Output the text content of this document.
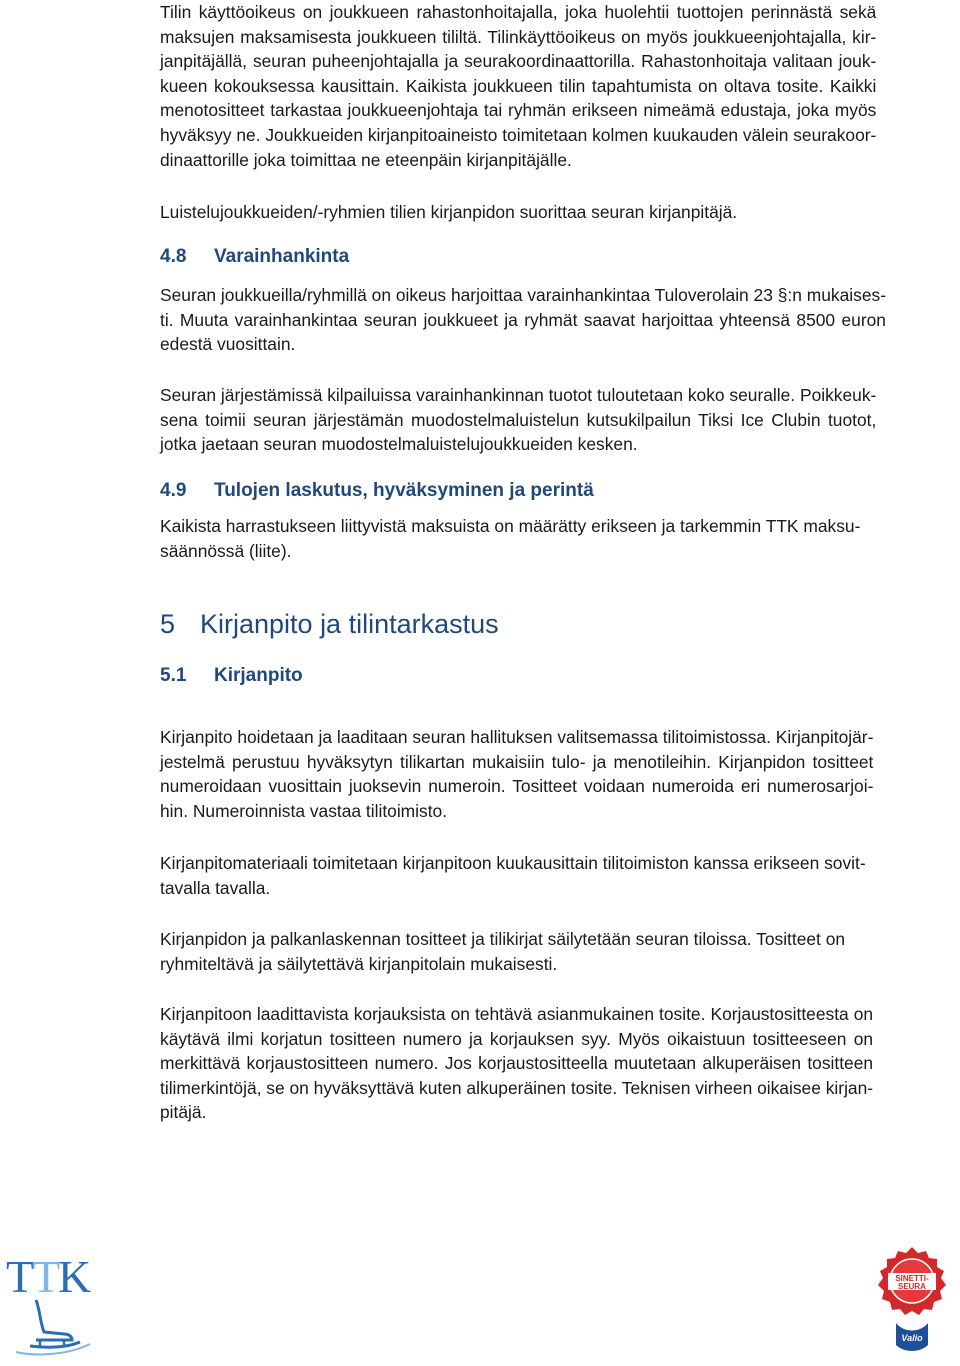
Tilin käyttöoikeus on joukkueen rahastonhoitajalla, joka huolehtii tuottojen perinnästä sekä
maksujen maksamisesta joukkueen tililtä. Tilinkäyttöoikeus on myös joukkueenjohtajalla, kir-
janpitäjällä, seuran puheenjohtajalla ja seurakoordinaattorilla. Rahastonhoitaja valitaan jouk-
kueen kokouksessa kausittain. Kaikista joukkueen tilin tapahtumista on oltava tosite. Kaikki
menotositteet tarkastaa joukkueenjohtaja tai ryhmän erikseen nimeämä edustaja, joka myös
hyväksyy ne. Joukkueiden kirjanpitoaineisto toimitetaan kolmen kuukauden välein seurakoor-
dinaattorille joka toimittaa ne eteenpäin kirjanpitäjälle.

Luistelujoukkueiden/-ryhmien tilien kirjanpidon suorittaa seuran kirjanpitäjä.

4.8 Varainhankinta

Seuran joukkueilla/ryhmillä on oikeus harjoittaa varainhankintaa Tuloverolain 23 §:n mukaises-
ti. Muuta varainhankintaa seuran joukkueet ja ryhmät saavat harjoittaa yhteensä 8500 euron
edestä vuosittain.

Seuran järjestämissä kilpailuissa varainhankinnan tuotot tuloutetaan koko seuralle. Poikkeuk-
sena toimii seuran järjestämän muodostelmaluistelun kutsukilpailun Tiksi Ice Clubin tuotot,
jotka jaetaan seuran muodostelmaluistelujoukkueiden kesken.

4.9 Tulojen laskutus, hyväksyminen ja perintä

Kaikista harrastukseen liittyvistä maksuista on määrätty erikseen ja tarkemmin TTK maksu-
säännössä (liite).

5 Kirjanpito ja tilintarkastus
5.1 Kirjanpito

Kirjanpito hoidetaan ja laaditaan seuran hallituksen valitsemassa tilitoimistossa. Kirjanpitojär-
jestelmä perustuu hyväksytyn tilikartan mukaisiin tulo- ja menotileihin. Kirjanpidon tositteet
numeroidaan vuosittain juoksevin numeroin. Tositteet voidaan numeroida eri numerosarjoi-
hin. Numeroinnista vastaa tilitoimisto.

Kirjanpitomateriaali toimitetaan kirjanpitoon kuukausittain tilitoimiston kanssa erikseen sovit-
tavalla tavalla.

Kirjanpidon ja palkanlaskennan tositteet ja tilikirjat säilytetään seuran tiloissa. Tositteet on
ryhmiteltävä ja säilytettävä kirjanpitolain mukaisesti.

Kirjanpitoon laadittavista korjauksista on tehtävä asianmukainen tosite. Korjaustositteesta on
käytävä ilmi korjatun tositteen numero ja korjauksen syy. Myös oikaistuun tositteeseen on
merkittävä korjaustositteen numero. Jos korjaustositteella muutetaan alkuperäisen tositteen
tilimerkintöjä, se on hyväksyttävä kuten alkuperäinen tosite. Teknisen virheen oikaisee kirjan-
pitäjä.

T
T
K	SINETTI-
SEURA
Valio
